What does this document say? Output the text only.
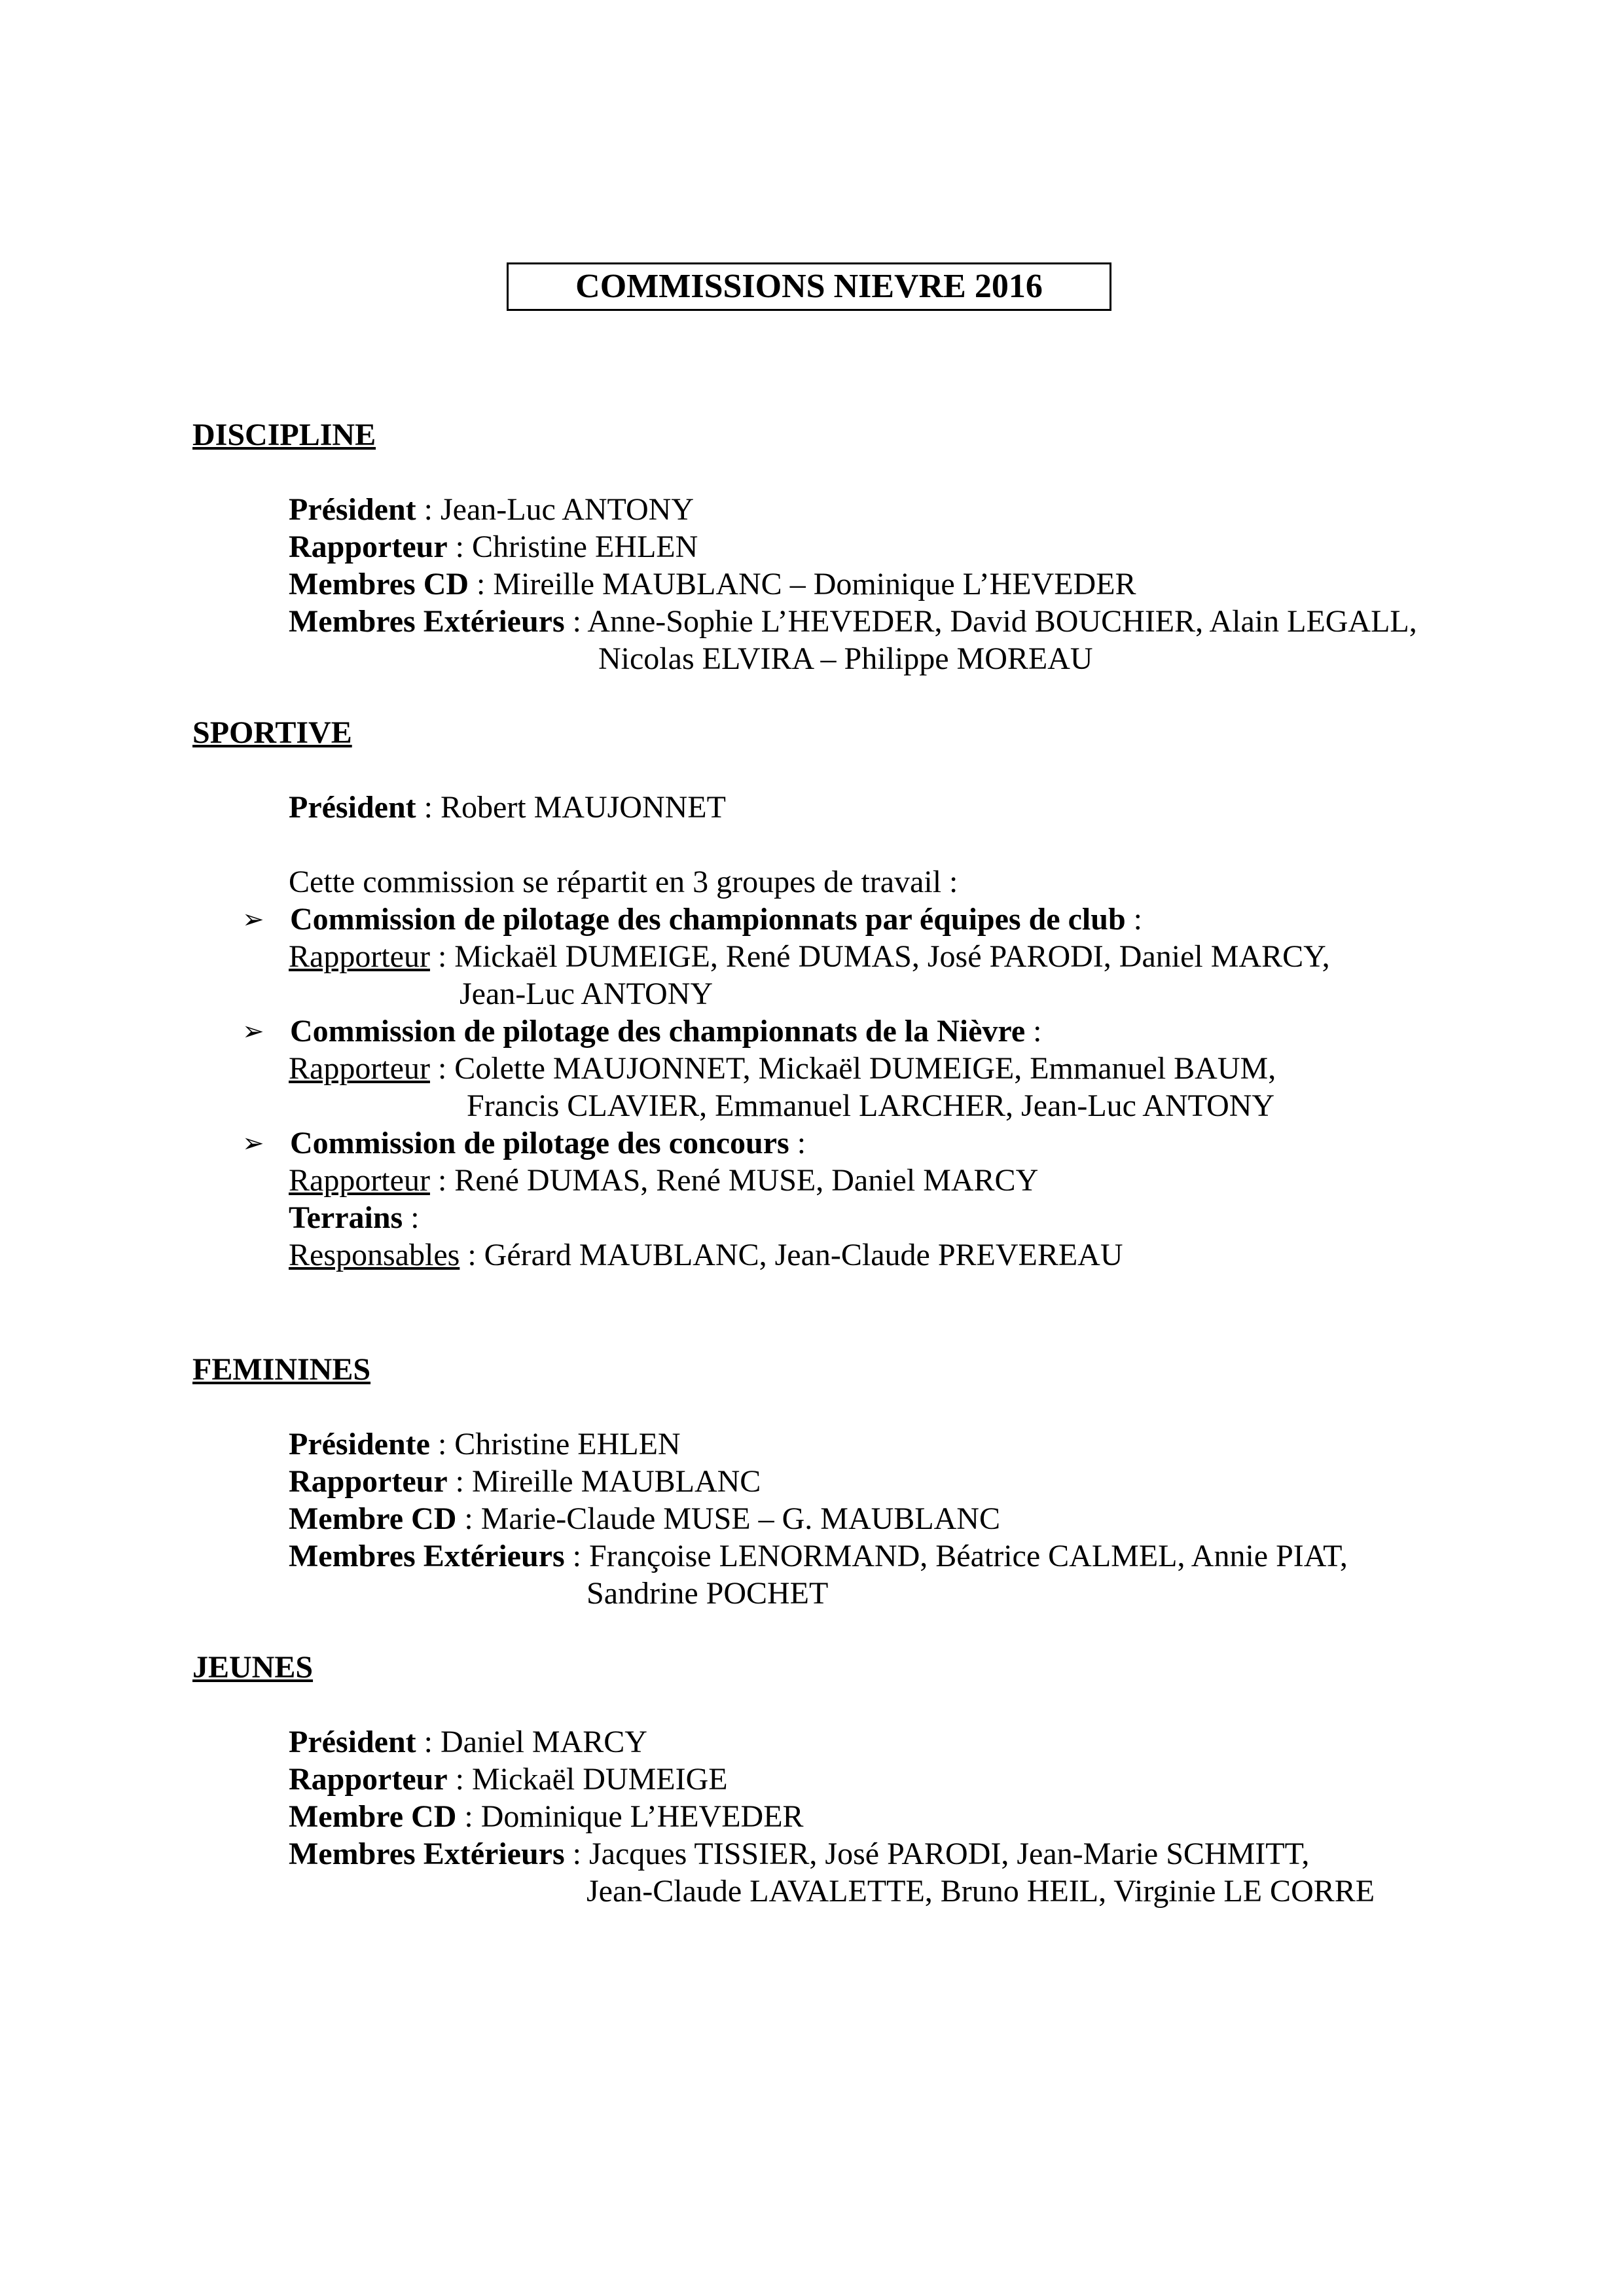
COMMISSIONS NIEVRE 2016
DISCIPLINE
Président : Jean-Luc ANTONY
Rapporteur : Christine EHLEN
Membres CD : Mireille MAUBLANC – Dominique L’HEVEDER
Membres Extérieurs : Anne-Sophie L’HEVEDER, David BOUCHIER, Alain LEGALL,
Nicolas ELVIRA – Philippe MOREAU
SPORTIVE
Président : Robert MAUJONNET
Cette commission se répartit en 3 groupes de travail :
➢ Commission de pilotage des championnats par équipes de club :
Rapporteur : Mickaël DUMEIGE, René DUMAS, José PARODI, Daniel MARCY,
Jean-Luc ANTONY
➢ Commission de pilotage des championnats de la Nièvre :
Rapporteur : Colette MAUJONNET, Mickaël DUMEIGE, Emmanuel BAUM,
Francis CLAVIER, Emmanuel LARCHER, Jean-Luc ANTONY
➢ Commission de pilotage des concours :
Rapporteur : René DUMAS, René MUSE, Daniel MARCY
Terrains :
Responsables : Gérard MAUBLANC, Jean-Claude PREVEREAU
FEMININES
Présidente : Christine EHLEN
Rapporteur : Mireille MAUBLANC
Membre CD : Marie-Claude MUSE – G. MAUBLANC
Membres Extérieurs : Françoise LENORMAND, Béatrice CALMEL, Annie PIAT,
Sandrine POCHET
JEUNES
Président : Daniel MARCY
Rapporteur : Mickaël DUMEIGE
Membre CD : Dominique L’HEVEDER
Membres Extérieurs : Jacques TISSIER, José PARODI, Jean-Marie SCHMITT,
Jean-Claude LAVALETTE, Bruno HEIL, Virginie LE CORRE
